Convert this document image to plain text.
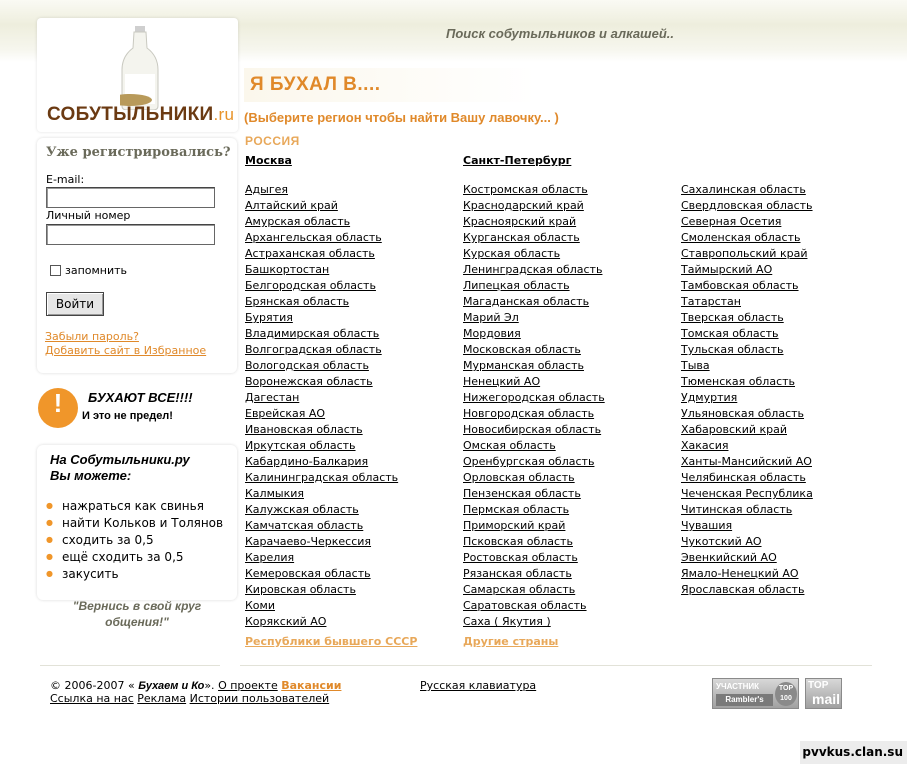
Поиск собутыльников и алкашей..
СОБУТЫЛЬНИКИ.ru
Я БУХАЛ В....
(Выберите регион чтобы найти Вашу лавочку... )
РОССИЯ
Москва
Адыгея
Алтайский край
Амурская область
Архангельская область
Астраханская область
Башкортостан
Белгородская область
Брянская область
Бурятия
Владимирская область
Волгоградская область
Вологодская область
Воронежская область
Дагестан
Еврейская АО
Ивановская область
Иркутская область
Кабардино-Балкария
Калининградская область
Калмыкия
Калужская область
Камчатская область
Карачаево-Черкессия
Карелия
Кемеровская область
Кировская область
Коми
Корякский АО
Республики бывшего СССР
Санкт-Петербург
Костромская область
Краснодарский край
Красноярский край
Курганская область
Курская область
Ленинградская область
Липецкая область
Магаданская область
Марий Эл
Мордовия
Московская область
Мурманская область
Ненецкий АО
Нижегородская область
Новгородская область
Новосибирская область
Омская область
Оренбургская область
Орловская область
Пензенская область
Пермская область
Приморский край
Псковская область
Ростовская область
Рязанская область
Самарская область
Саратовская область
Саха ( Якутия )
Другие страны
Сахалинская область
Свердловская область
Северная Осетия
Смоленская область
Ставропольский край
Таймырский АО
Тамбовская область
Татарстан
Тверская область
Томская область
Тульская область
Тыва
Тюменская область
Удмуртия
Ульяновская область
Хабаровский край
Хакасия
Ханты-Мансийский АО
Челябинская область
Чеченская Республика
Читинская область
Чувашия
Чукотский АО
Эвенкийский АО
Ямало-Ненецкий АО
Ярославская область
Уже регистрировались?
E-mail:
Личный номер
запомнить
Войти
Забыли пароль?
Добавить сайт в Избранное
!	БУХАЮТ ВСЕ!!!!
И это не предел!
На Собутыльники.ру
Вы можете:
● нажраться как свинья
● найти Кольков и Толянов
● сходить за 0,5
● ещё сходить за 0,5
● закусить
"Вернись в свой круг
общения!"
© 2006-2007 « Бухаем и Ко». О проекте Вакансии	Русская клавиатура
Ссылка на нас Реклама Истории пользователей
УЧАСТНИК
Rambler's
TOP
100
TOP
mail
pvvkus.clan.su
